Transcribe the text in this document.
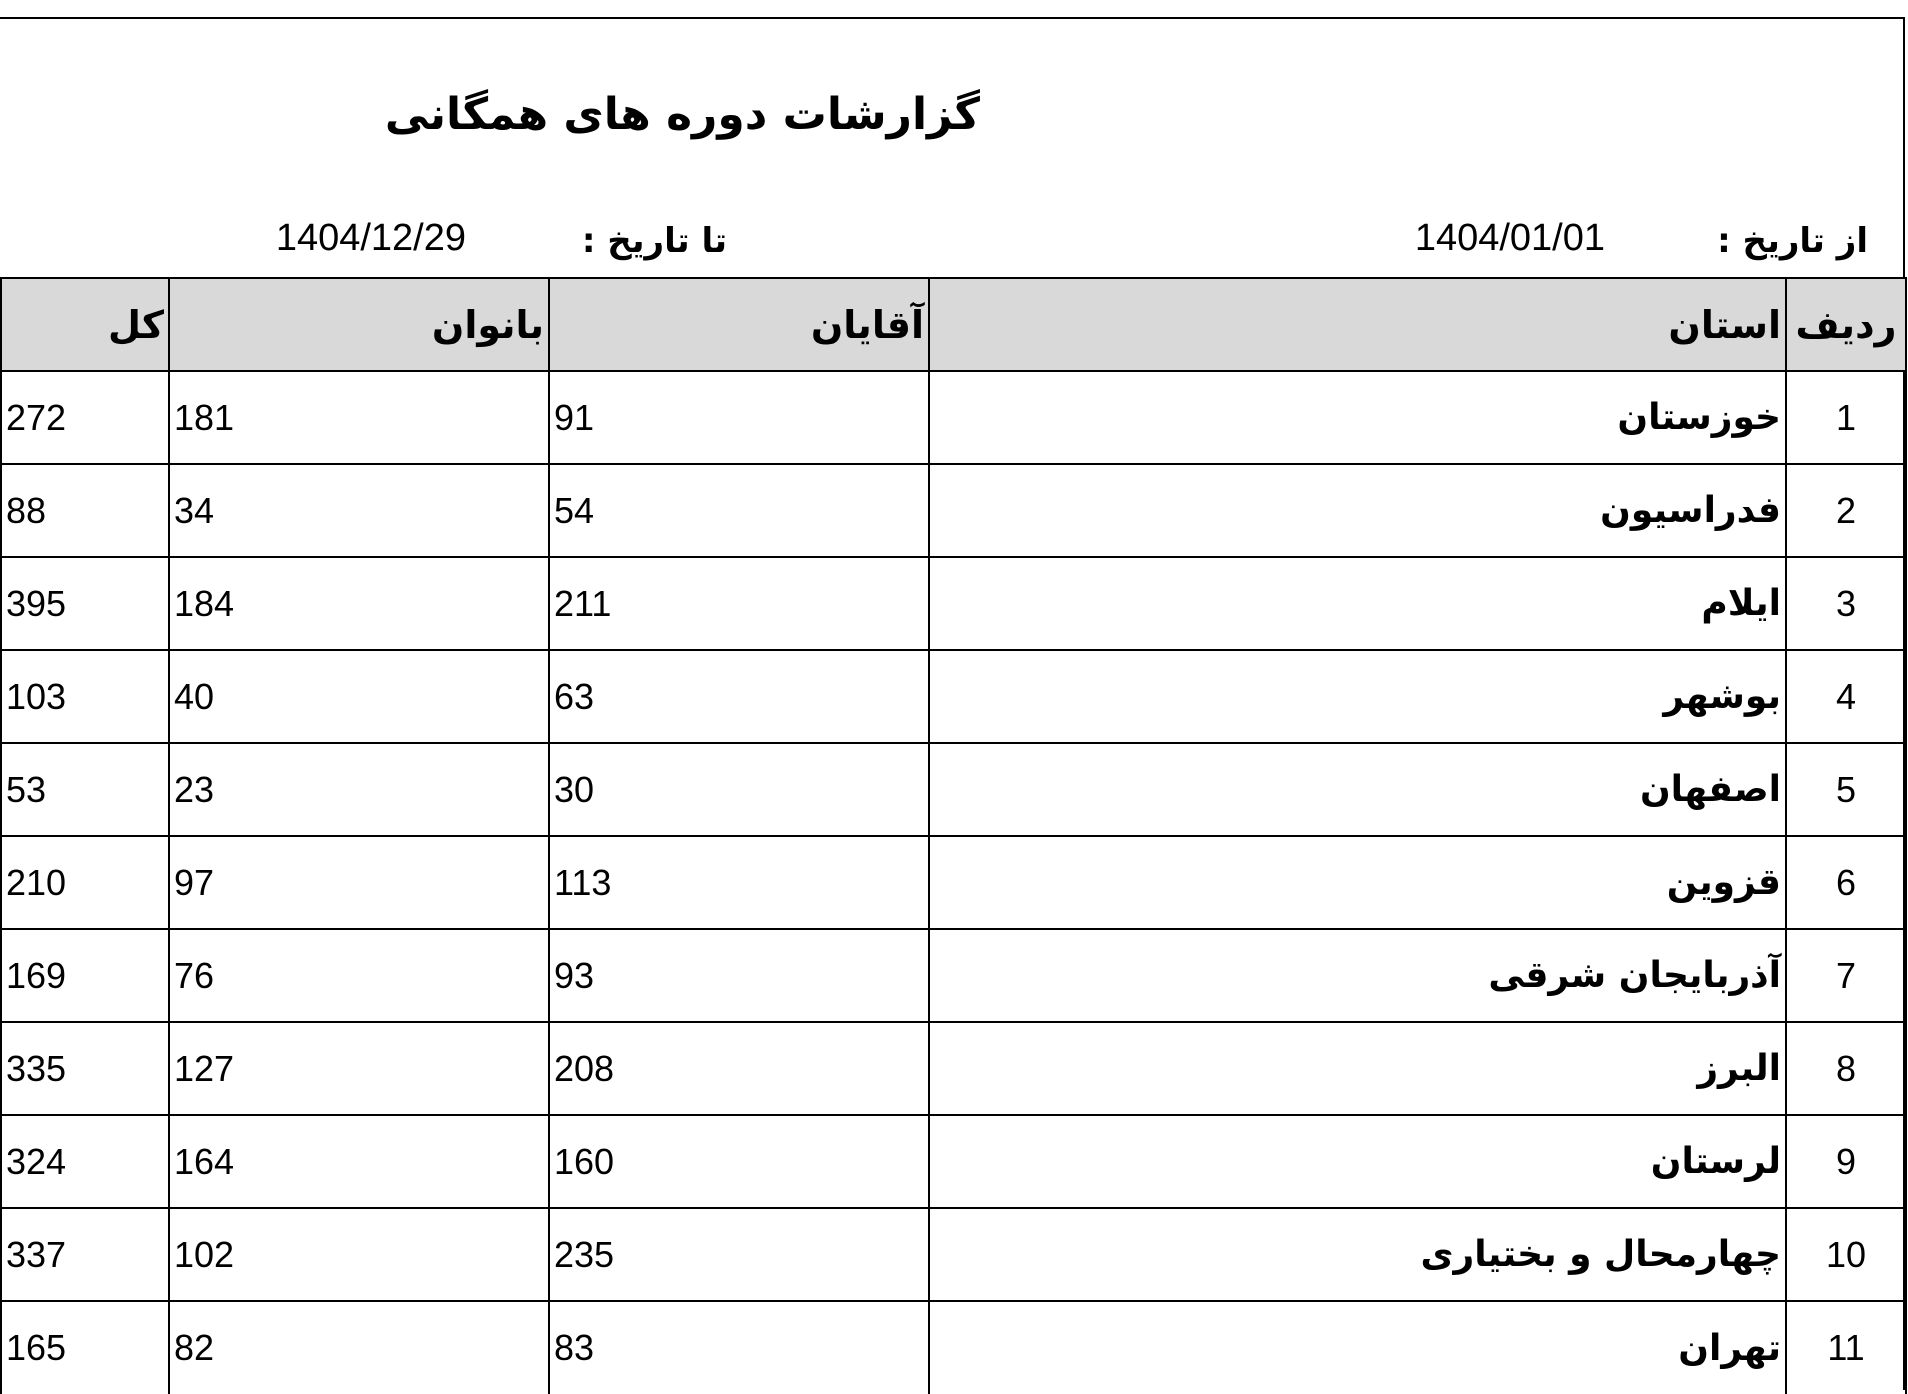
گزارشات دوره های همگانی
از تاریخ :
1404/01/01
تا تاریخ :
1404/12/29
ردیف	استان	آقایان	بانوان	کل
1	خوزستان	91	181	272
2	فدراسیون	54	34	88
3	ایلام	211	184	395
4	بوشهر	63	40	103
5	اصفهان	30	23	53
6	قزوین	113	97	210
7	آذربایجان شرقی	93	76	169
8	البرز	208	127	335
9	لرستان	160	164	324
10	چهارمحال و بختیاری	235	102	337
11	تهران	83	82	165
